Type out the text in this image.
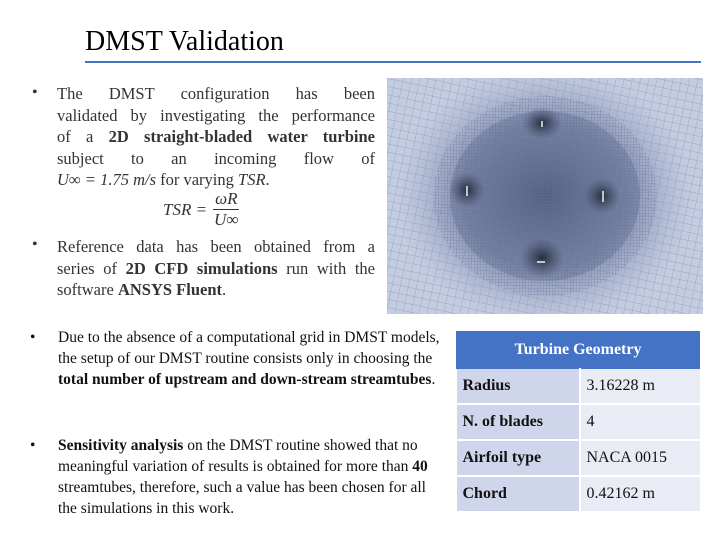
DMST Validation
•
•

The DMST configuration has been

validated by investigating the performance

of a 2D straight-bladed water turbine

subject to an incoming flow of

U∞ = 1.75 m/s for varying TSR.

TSR = $\frac{\omega R}{U\infty}$

Reference data has been obtained from a

series of 2D CFD simulations run with the

software ANSYS Fluent.

• Due to the absence of a computational grid in DMST models, the setup of our DMST routine consists only in choosing the total number of upstream and down-stream streamtubes.
• Sensitivity analysis on the DMST routine showed that no meaningful variation of results is obtained for more than 40 streamtubes, therefore, such a value has been chosen for all the simulations in this work.
Turbine Geometry	
Radius	3.16228 m
N. of blades	4
Airfoil type	NACA 0015
Chord	0.42162 m
